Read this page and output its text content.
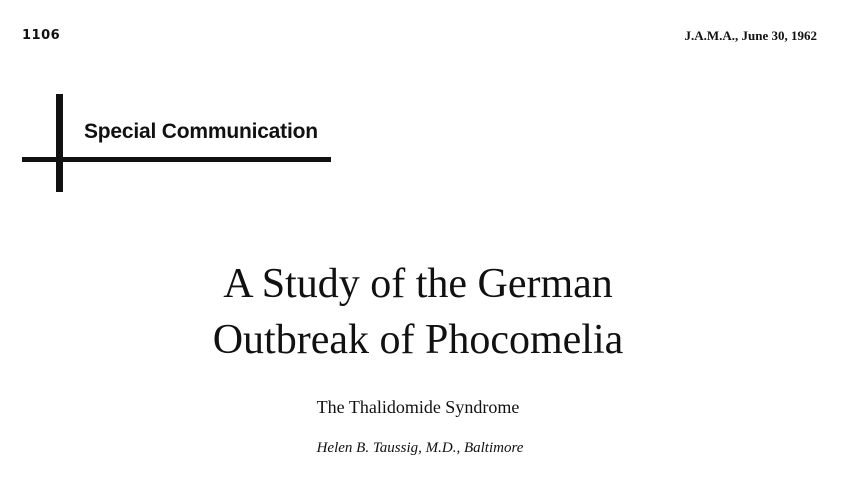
1106	J.A.M.A., June 30, 1962
Special Communication
A Study of the German
Outbreak of Phocomelia
The Thalidomide Syndrome
Helen B. Taussig, M.D., Baltimore
